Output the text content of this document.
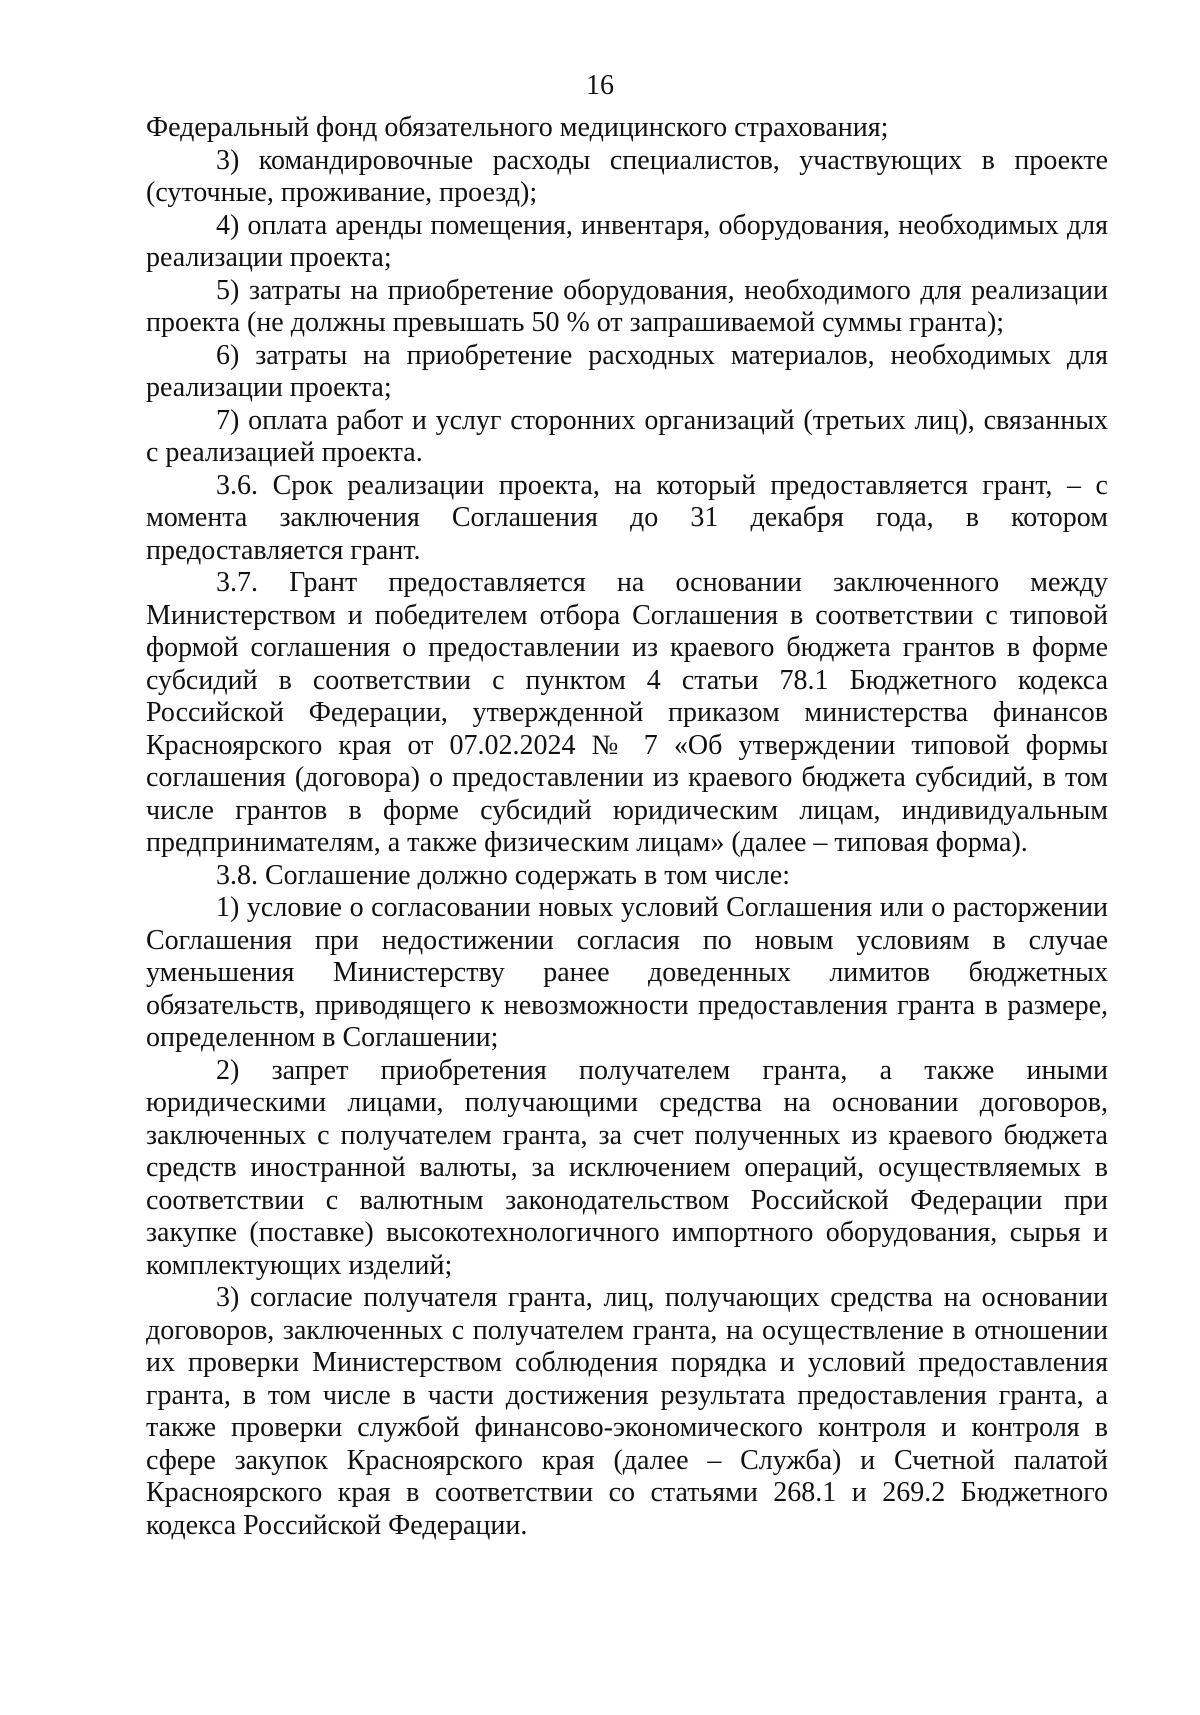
16

Федеральный фонд обязательного медицинского страхования;

3) командировочные расходы специалистов, участвующих в проекте (суточные, проживание, проезд);

4) оплата аренды помещения, инвентаря, оборудования, необходимых для реализации проекта;

5) затраты на приобретение оборудования, необходимого для реализации проекта (не должны превышать 50 % от запрашиваемой суммы гранта);

6) затраты на приобретение расходных материалов, необходимых для реализации проекта;

7) оплата работ и услуг сторонних организаций (третьих лиц), связанных с реализацией проекта.

3.6. Срок реализации проекта, на который предоставляется грант, – с момента заключения Соглашения до 31 декабря года, в котором предоставляется грант.

3.7. Грант предоставляется на основании заключенного между Министерством и победителем отбора Соглашения в соответствии с типовой формой соглашения о предоставлении из краевого бюджета грантов в форме субсидий в соответствии с пунктом 4 статьи 78.1 Бюджетного кодекса Российской Федерации, утвержденной приказом министерства финансов Красноярского края от 07.02.2024 № 7 «Об утверждении типовой формы соглашения (договора) о предоставлении из краевого бюджета субсидий, в том числе грантов в форме субсидий юридическим лицам, индивидуальным предпринимателям, а также физическим лицам» (далее – типовая форма).

3.8. Соглашение должно содержать в том числе:

1) условие о согласовании новых условий Соглашения или о расторжении Соглашения при недостижении согласия по новым условиям в случае уменьшения Министерству ранее доведенных лимитов бюджетных обязательств, приводящего к невозможности предоставления гранта в размере, определенном в Соглашении;

2) запрет приобретения получателем гранта, а также иными юридическими лицами, получающими средства на основании договоров, заключенных с получателем гранта, за счет полученных из краевого бюджета средств иностранной валюты, за исключением операций, осуществляемых в соответствии с валютным законодательством Российской Федерации при закупке (поставке) высокотехнологичного импортного оборудования, сырья и комплектующих изделий;

3) согласие получателя гранта, лиц, получающих средства на основании договоров, заключенных с получателем гранта, на осуществление в отношении их проверки Министерством соблюдения порядка и условий предоставления гранта, в том числе в части достижения результата предоставления гранта, а также проверки службой финансово-экономического контроля и контроля в сфере закупок Красноярского края (далее – Служба) и Счетной палатой Красноярского края в соответствии со статьями 268.1 и 269.2 Бюджетного кодекса Российской Федерации.
